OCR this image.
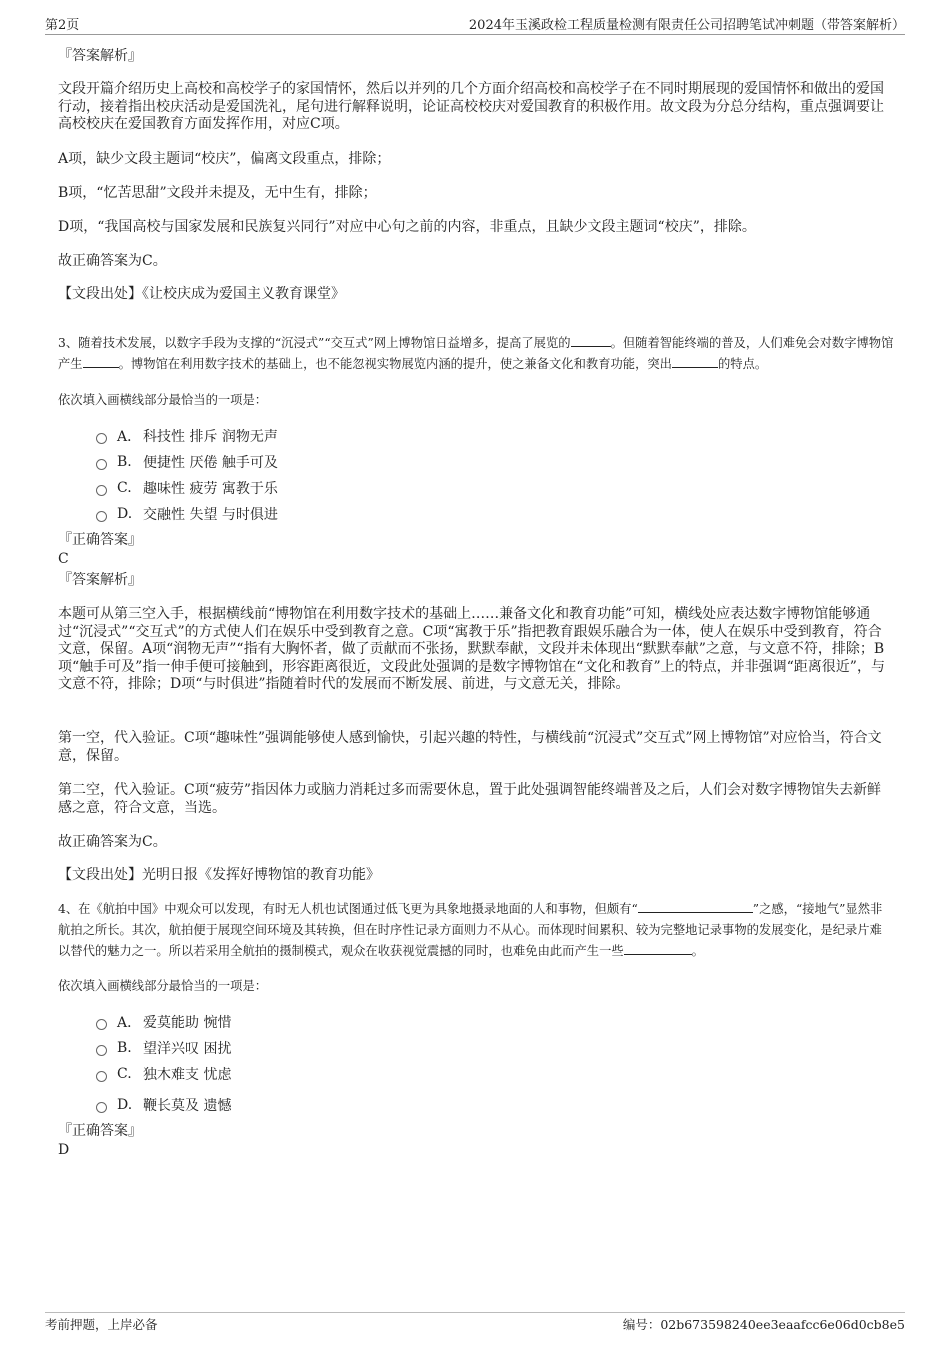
第2页	2024年玉溪政检工程质量检测有限责任公司招聘笔试冲刺题（带答案解析）
『答案解析』
文段开篇介绍历史上高校和高校学子的家国情怀，然后以并列的几个方面介绍高校和高校学子在不同时期展现的爱国情怀和做出的爱国行动，接着指出校庆活动是爱国洗礼，尾句进行解释说明，论证高校校庆对爱国教育的积极作用。故文段为分总分结构，重点强调要让高校校庆在爱国教育方面发挥作用，对应C项。
A项，缺少文段主题词“校庆”，偏离文段重点，排除；
B项，“忆苦思甜”文段并未提及，无中生有，排除；
D项，“我国高校与国家发展和民族复兴同行”对应中心句之前的内容，非重点，且缺少文段主题词“校庆”，排除。
故正确答案为C。
【文段出处】《让校庆成为爱国主义教育课堂》
3、随着技术发展，以数字手段为支撑的“沉浸式”“交互式”网上博物馆日益增多，提高了展览的	。但随着智能终端的普及，人们难免会对数字博物馆产生	。博物馆在利用数字技术的基础上，也不能忽视实物展览内涵的提升，使之兼备文化和教育功能，突出	的特点。
依次填入画横线部分最恰当的一项是：
A． 科技性 排斥 润物无声
B. 便捷性 厌倦 触手可及
C. 趣味性 疲劳 寓教于乐
D. 交融性 失望 与时俱进
『正确答案』
C
『答案解析』
本题可从第三空入手，根据横线前“博物馆在利用数字技术的基础上……兼备文化和教育功能”可知，横线处应表达数字博物馆能够通过“沉浸式”“交互式”的方式使人们在娱乐中受到教育之意。C项“寓教于乐”指把教育跟娱乐融合为一体，使人在娱乐中受到教育，符合文意，保留。A项“润物无声”“指有大胸怀者，做了贡献而不张扬，默默奉献，文段并未体现出“默默奉献”之意，与文意不符，排除；B项“触手可及”指一伸手便可接触到，形容距离很近，文段此处强调的是数字博物馆在“文化和教育”上的特点，并非强调“距离很近”，与文意不符，排除；D项“与时俱进”指随着时代的发展而不断发展、前进，与文意无关，排除。
第一空，代入验证。C项“趣味性”强调能够使人感到愉快，引起兴趣的特性，与横线前“沉浸式”交互式”网上博物馆”对应恰当，符合文意，保留。
第二空，代入验证。C项“疲劳”指因体力或脑力消耗过多而需要休息，置于此处强调智能终端普及之后，人们会对数字博物馆失去新鲜感之意，符合文意，当选。
故正确答案为C。
【文段出处】光明日报《发挥好博物馆的教育功能》
4、在《航拍中国》中观众可以发现，有时无人机也试图通过低飞更为具象地摄录地面的人和事物，但颇有“	”之感，“接地气”显然非航拍之所长。其次，航拍便于展现空间环境及其转换，但在时序性记录方面则力不从心。而体现时间累积、较为完整地记录事物的发展变化，是纪录片难以替代的魅力之一。所以若采用全航拍的摄制模式，观众在收获视觉震撼的同时，也难免由此而产生一些	。
依次填入画横线部分最恰当的一项是：
A． 爱莫能助 惋惜
B. 望洋兴叹 困扰
C. 独木难支 忧虑
D. 鞭长莫及 遗憾
『正确答案』
D
考前押题，上岸必备	编号：02b673598240ee3eaafcc6e06d0cb8e5
